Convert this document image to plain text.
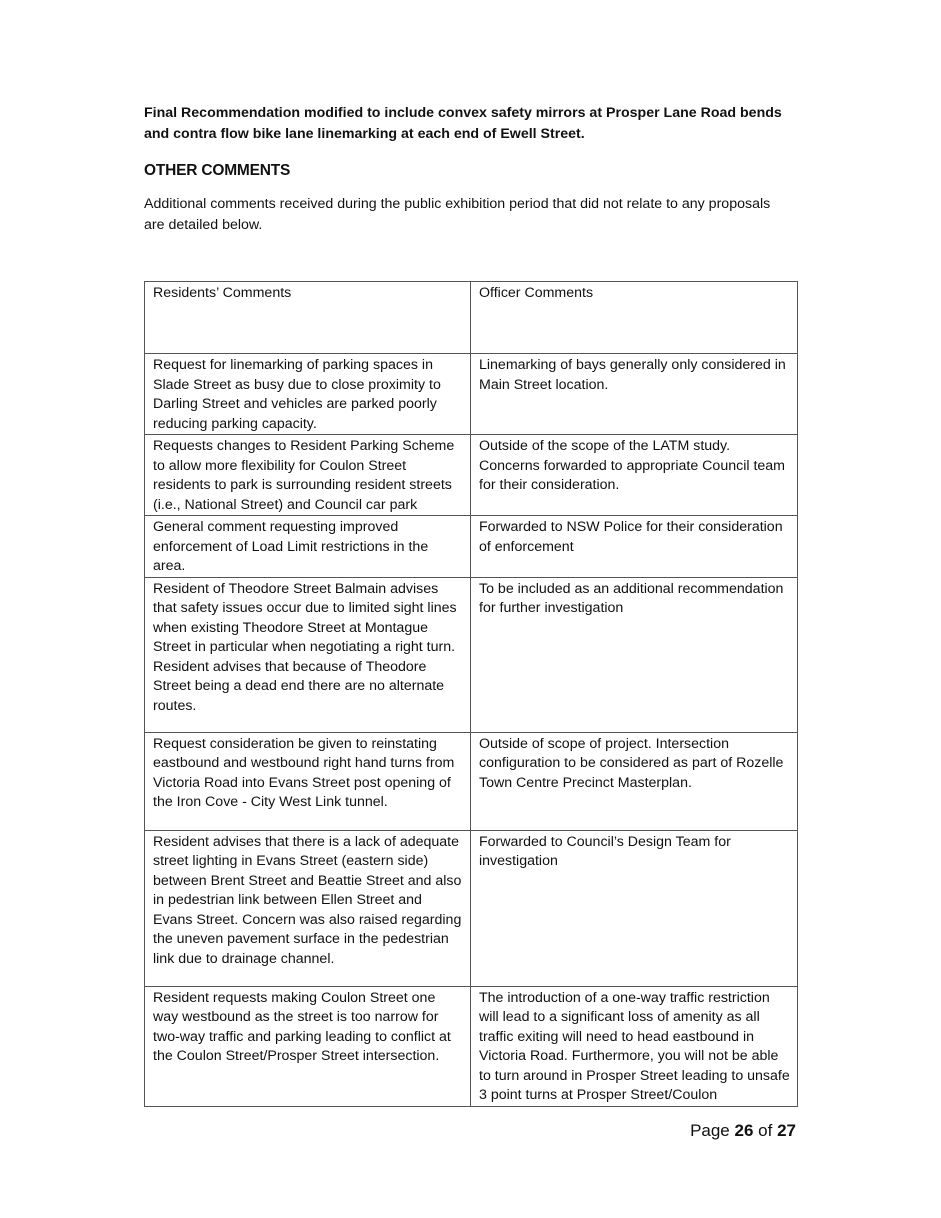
Final Recommendation modified to include convex safety mirrors at Prosper Lane Road bends and contra flow bike lane linemarking at each end of Ewell Street.

OTHER COMMENTS

Additional comments received during the public exhibition period that did not relate to any proposals are detailed below.

Residents’ Comments	Officer Comments
Request for linemarking of parking spaces in Slade Street as busy due to close proximity to Darling Street and vehicles are parked poorly reducing parking capacity.	Linemarking of bays generally only considered in Main Street location.
Requests changes to Resident Parking Scheme to allow more flexibility for Coulon Street residents to park is surrounding resident streets (i.e., National Street) and Council car park	Outside of the scope of the LATM study. Concerns forwarded to appropriate Council team for their consideration.
General comment requesting improved enforcement of Load Limit restrictions in the area.	Forwarded to NSW Police for their consideration of enforcement
Resident of Theodore Street Balmain advises that safety issues occur due to limited sight lines when existing Theodore Street at Montague Street in particular when negotiating a right turn. Resident advises that because of Theodore Street being a dead end there are no alternate routes.	To be included as an additional recommendation for further investigation
Request consideration be given to reinstating eastbound and westbound right hand turns from Victoria Road into Evans Street post opening of the Iron Cove - City West Link tunnel.	Outside of scope of project. Intersection configuration to be considered as part of Rozelle Town Centre Precinct Masterplan.
Resident advises that there is a lack of adequate street lighting in Evans Street (eastern side) between Brent Street and Beattie Street and also in pedestrian link between Ellen Street and Evans Street. Concern was also raised regarding the uneven pavement surface in the pedestrian link due to drainage channel.	Forwarded to Council’s Design Team for investigation
Resident requests making Coulon Street one way westbound as the street is too narrow for two-way traffic and parking leading to conflict at the Coulon Street/Prosper Street intersection.	The introduction of a one-way traffic restriction will lead to a significant loss of amenity as all traffic exiting will need to head eastbound in Victoria Road. Furthermore, you will not be able to turn around in Prosper Street leading to unsafe 3 point turns at Prosper Street/Coulon

Page 26 of 27
